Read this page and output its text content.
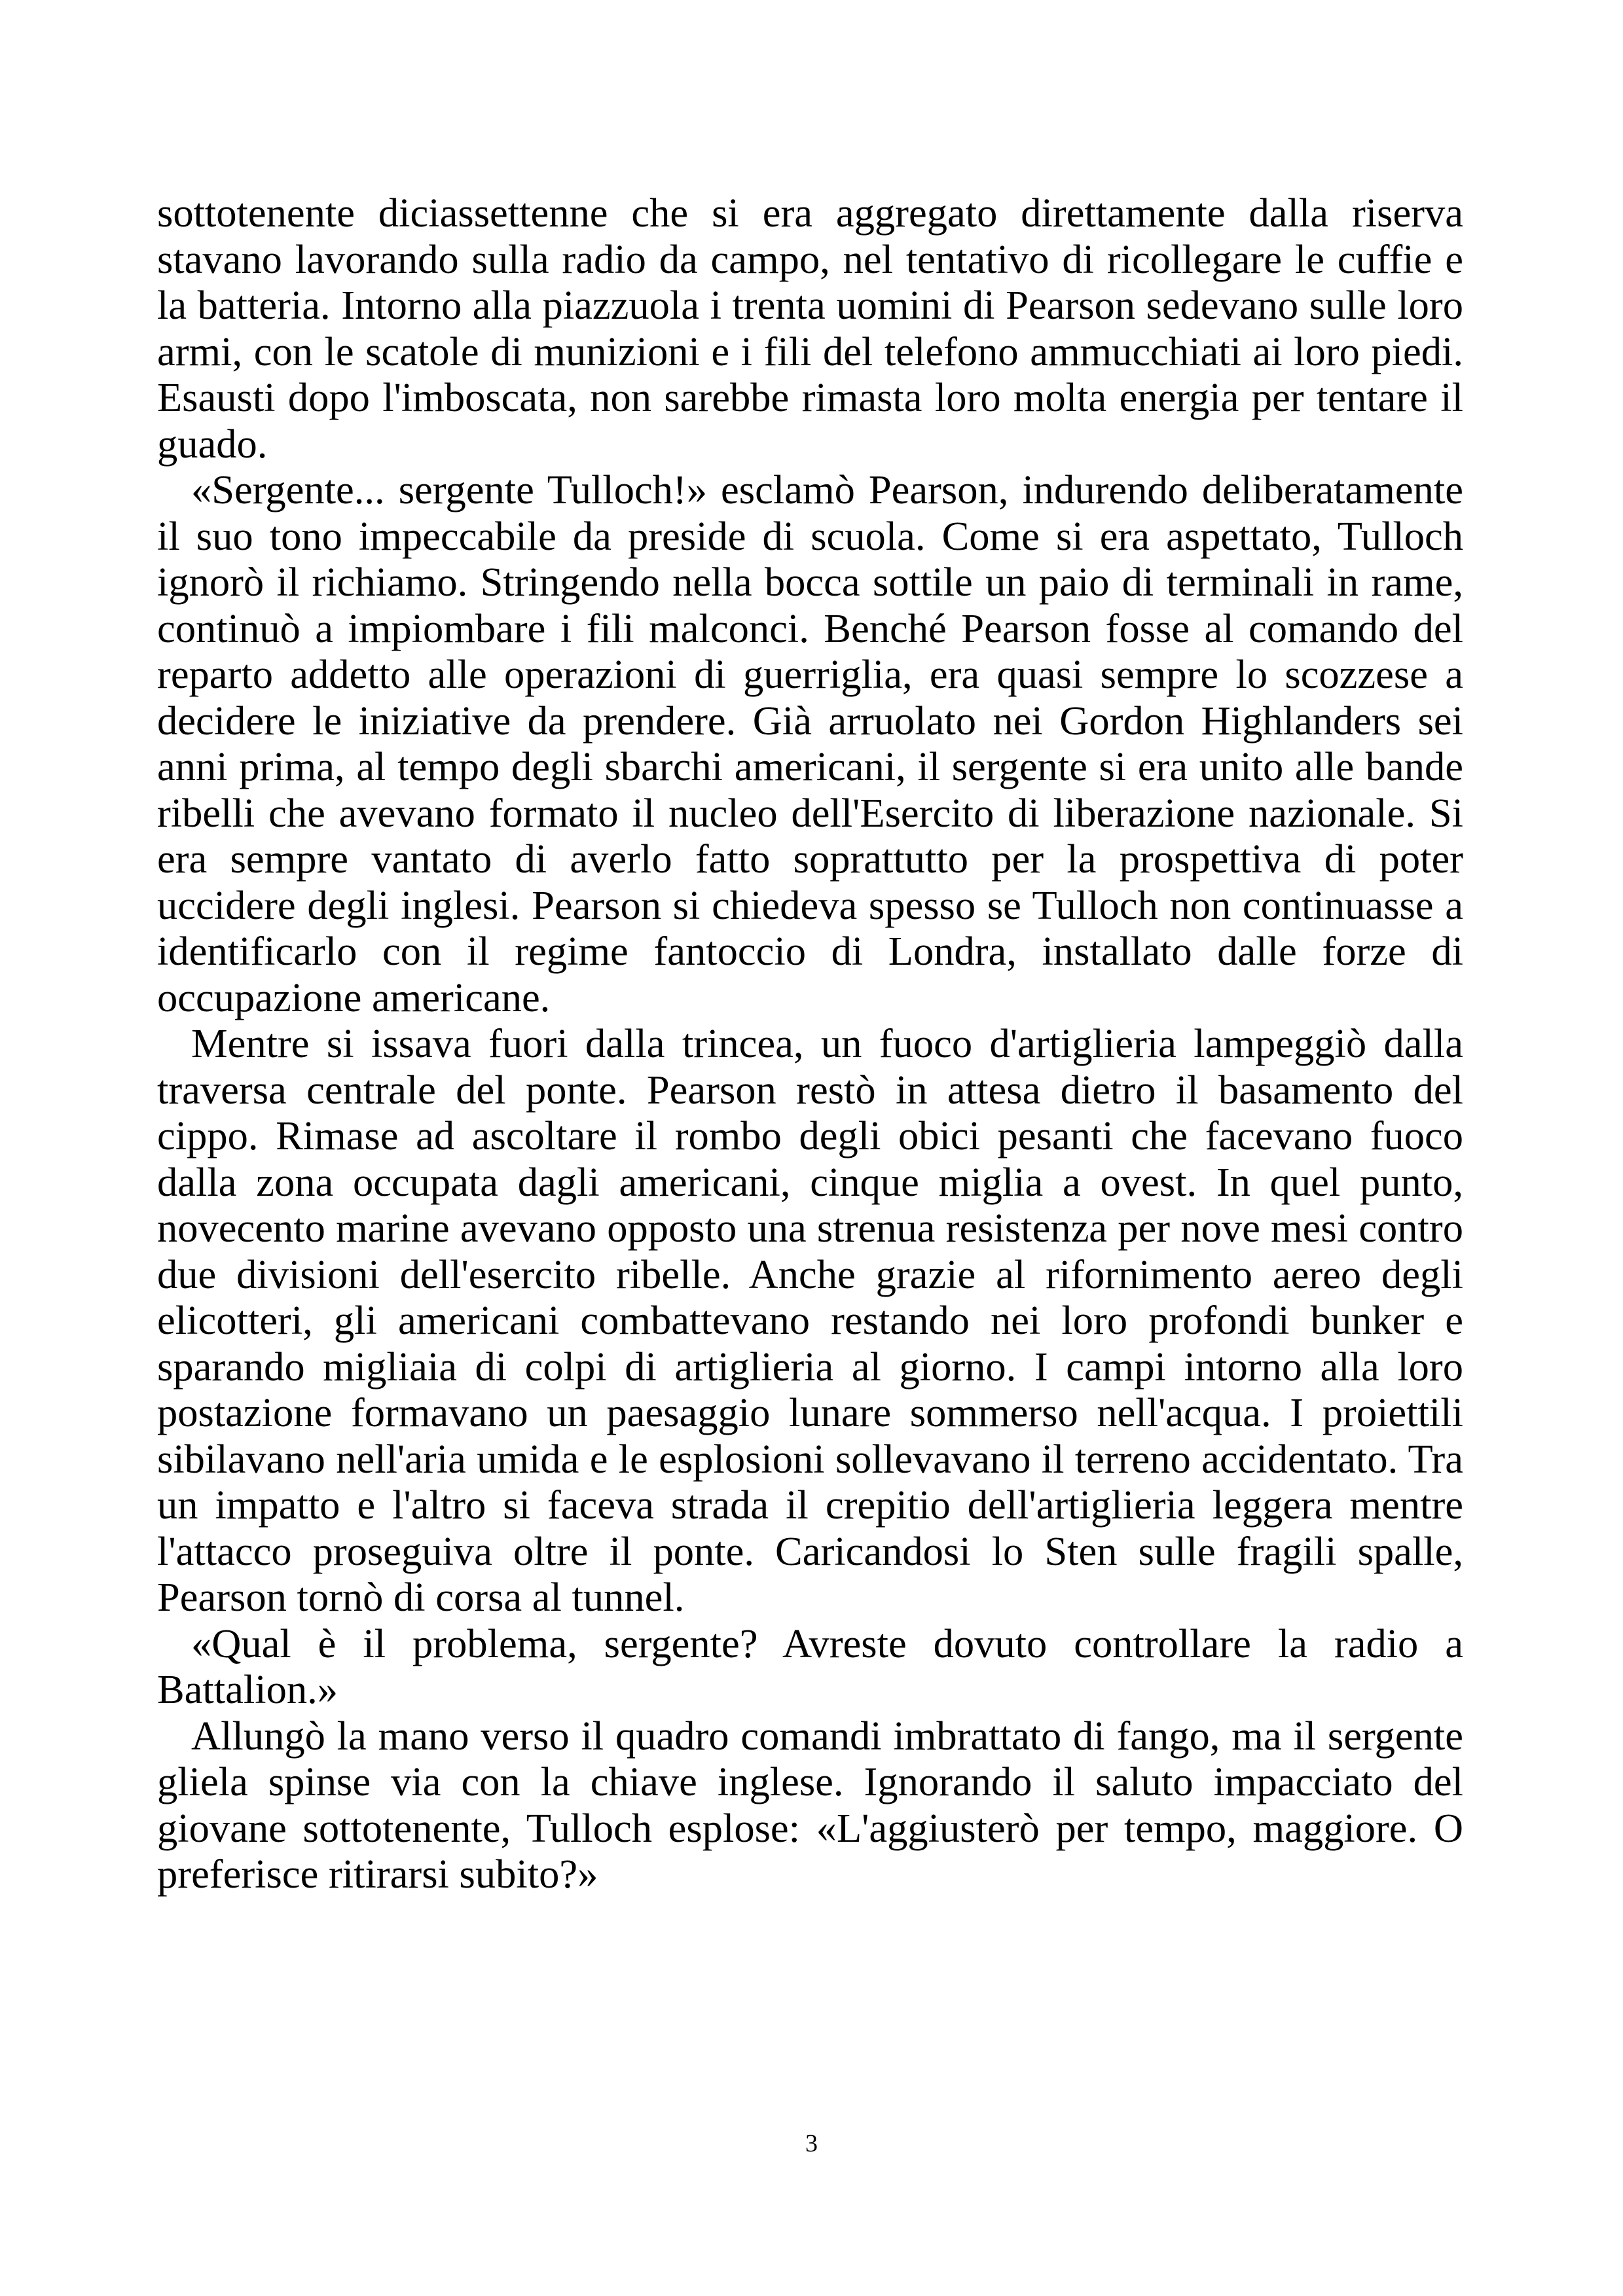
sottotenente diciassettenne che si era aggregato direttamente dalla riserva stavano lavorando sulla radio da campo, nel tentativo di ricollegare le cuffie e la batteria. Intorno alla piazzuola i trenta uomini di Pearson sedevano sulle loro armi, con le scatole di munizioni e i fili del telefono ammucchiati ai loro piedi. Esausti dopo l'imboscata, non sarebbe rimasta loro molta energia per tentare il guado.

«Sergente... sergente Tulloch!» esclamò Pearson, indurendo deliberatamente il suo tono impeccabile da preside di scuola. Come si era aspettato, Tulloch ignorò il richiamo. Stringendo nella bocca sottile un paio di terminali in rame, continuò a impiombare i fili malconci. Benché Pearson fosse al comando del reparto addetto alle operazioni di guerriglia, era quasi sempre lo scozzese a decidere le iniziative da prendere. Già arruolato nei Gordon Highlanders sei anni prima, al tempo degli sbarchi americani, il sergente si era unito alle bande ribelli che avevano formato il nucleo dell'Esercito di liberazione nazionale. Si era sempre vantato di averlo fatto soprattutto per la prospettiva di poter uccidere degli inglesi. Pearson si chiedeva spesso se Tulloch non continuasse a identificarlo con il regime fantoccio di Londra, installato dalle forze di occupazione americane.

Mentre si issava fuori dalla trincea, un fuoco d'artiglieria lampeggiò dalla traversa centrale del ponte. Pearson restò in attesa dietro il basamento del cippo. Rimase ad ascoltare il rombo degli obici pesanti che facevano fuoco dalla zona occupata dagli americani, cinque miglia a ovest. In quel punto, novecento marine avevano opposto una strenua resistenza per nove mesi contro due divisioni dell'esercito ribelle. Anche grazie al rifornimento aereo degli elicotteri, gli americani combattevano restando nei loro profondi bunker e sparando migliaia di colpi di artiglieria al giorno. I campi intorno alla loro postazione formavano un paesaggio lunare sommerso nell'acqua. I proiettili sibilavano nell'aria umida e le esplosioni sollevavano il terreno accidentato. Tra un impatto e l'altro si faceva strada il crepitio dell'artiglieria leggera mentre l'attacco proseguiva oltre il ponte. Caricandosi lo Sten sulle fragili spalle, Pearson tornò di corsa al tunnel.

«Qual è il problema, sergente? Avreste dovuto controllare la radio a Battalion.»

Allungò la mano verso il quadro comandi imbrattato di fango, ma il sergente gliela spinse via con la chiave inglese. Ignorando il saluto impacciato del giovane sottotenente, Tulloch esplose: «L'aggiusterò per tempo, maggiore. O preferisce ritirarsi subito?»

3
